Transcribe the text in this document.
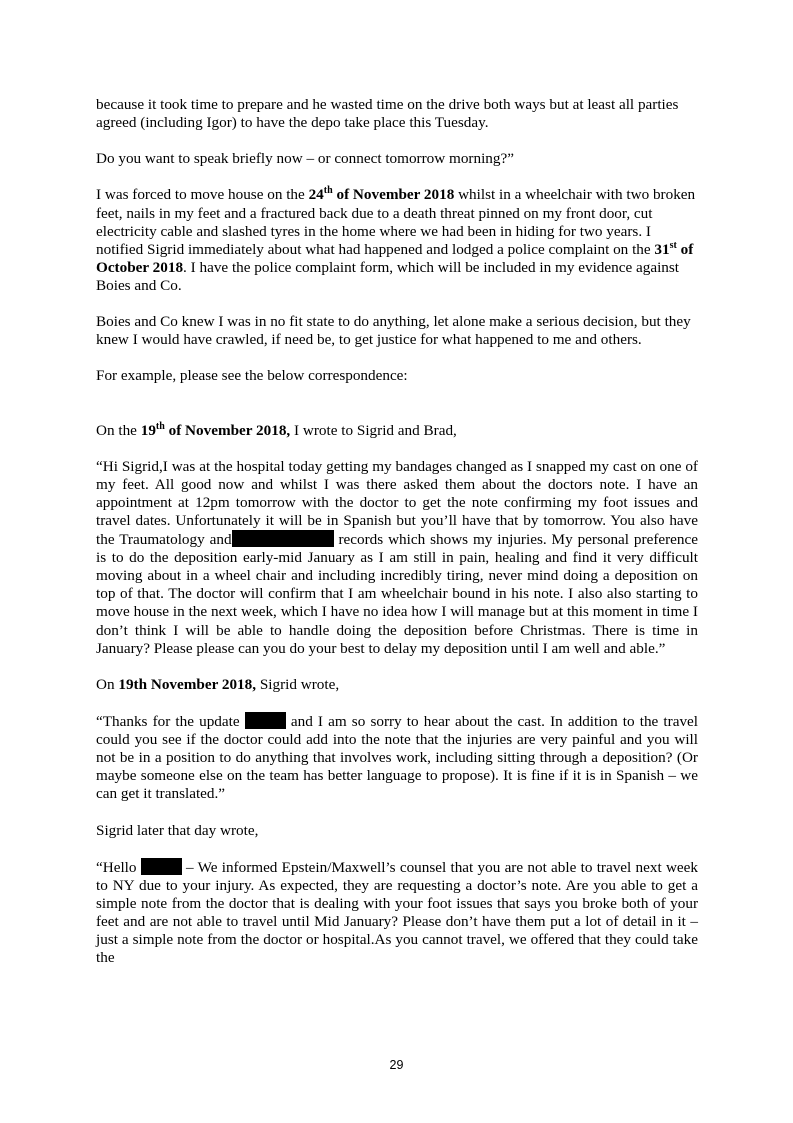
because it took time to prepare and he wasted time on the drive both ways but at least all parties agreed (including Igor) to have the depo take place this Tuesday.

Do you want to speak briefly now – or connect tomorrow morning?”

I was forced to move house on the 24th of November 2018 whilst in a wheelchair with two broken feet, nails in my feet and a fractured back due to a death threat pinned on my front door, cut electricity cable and slashed tyres in the home where we had been in hiding for two years. I notified Sigrid immediately about what had happened and lodged a police complaint on the 31st of October 2018. I have the police complaint form, which will be included in my evidence against Boies and Co.

Boies and Co knew I was in no fit state to do anything, let alone make a serious decision, but they knew I would have crawled, if need be, to get justice for what happened to me and others.

For example, please see the below correspondence:

On the 19th of November 2018, I wrote to Sigrid and Brad,

“Hi Sigrid,I was at the hospital today getting my bandages changed as I snapped my cast on one of my feet. All good now and whilst I was there asked them about the doctors note. I have an appointment at 12pm tomorrow with the doctor to get the note confirming my foot issues and travel dates. Unfortunately it will be in Spanish but you’ll have that by tomorrow. You also have the Traumatology and	records which shows my injuries. My personal preference is to do the deposition early-mid January as I am still in pain, healing and find it very difficult moving about in a wheel chair and including incredibly tiring, never mind doing a deposition on top of that. The doctor will confirm that I am wheelchair bound in his note. I also also starting to move house in the next week, which I have no idea how I will manage but at this moment in time I don’t think I will be able to handle doing the deposition before Christmas. There is time in January? Please please can you do your best to delay my deposition until I am well and able.”

On 19th November 2018, Sigrid wrote,

“Thanks for the update	and I am so sorry to hear about the cast. In addition to the travel could you see if the doctor could add into the note that the injuries are very painful and you will not be in a position to do anything that involves work, including sitting through a deposition? (Or maybe someone else on the team has better language to propose). It is fine if it is in Spanish – we can get it translated.”

Sigrid later that day wrote,

“Hello	– We informed Epstein/Maxwell’s counsel that you are not able to travel next week to NY due to your injury. As expected, they are requesting a doctor’s note. Are you able to get a simple note from the doctor that is dealing with your foot issues that says you broke both of your feet and are not able to travel until Mid January? Please don’t have them put a lot of detail in it – just a simple note from the doctor or hospital.As you cannot travel, we offered that they could take the

29
